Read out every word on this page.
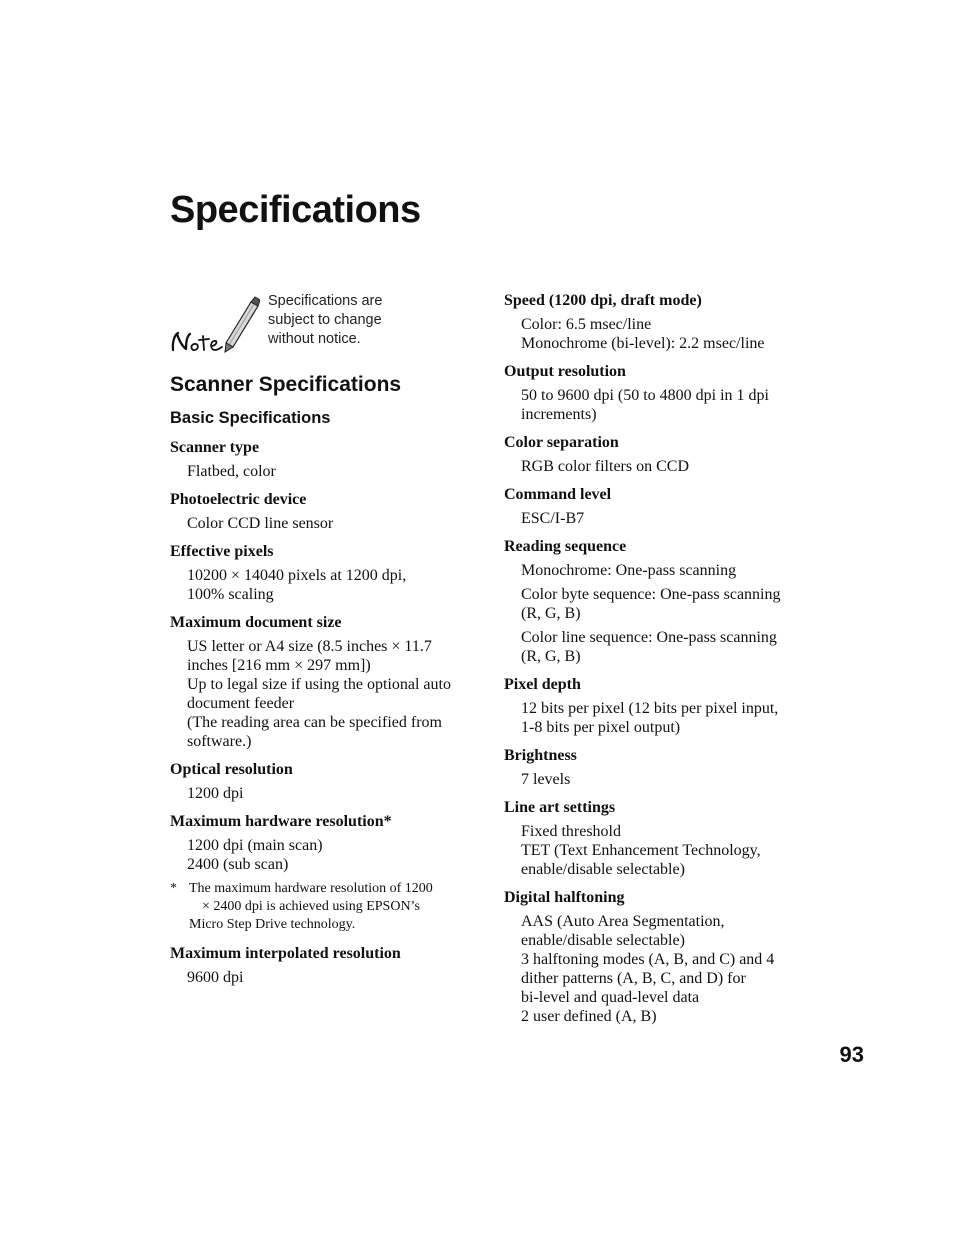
Specifications
Specifications are subject to change without notice.
Scanner Specifications
Basic Specifications
Scanner type
Flatbed, color
Photoelectric device
Color CCD line sensor
Effective pixels
10200 × 14040 pixels at 1200 dpi,
100% scaling
Maximum document size
US letter or A4 size (8.5 inches × 11.7
inches [216 mm × 297 mm])
Up to legal size if using the optional auto
document feeder
(The reading area can be specified from
software.)
Optical resolution
1200 dpi
Maximum hardware resolution*
1200 dpi (main scan)
2400 (sub scan)
* The maximum hardware resolution of 1200
× 2400 dpi is achieved using EPSON’s
Micro Step Drive technology.
Maximum interpolated resolution
9600 dpi
Speed (1200 dpi, draft mode)
Color: 6.5 msec/line
Monochrome (bi-level): 2.2 msec/line
Output resolution
50 to 9600 dpi (50 to 4800 dpi in 1 dpi
increments)
Color separation
RGB color filters on CCD
Command level
ESC/I-B7
Reading sequence
Monochrome: One-pass scanning
Color byte sequence: One-pass scanning
(R, G, B)
Color line sequence: One-pass scanning
(R, G, B)
Pixel depth
12 bits per pixel (12 bits per pixel input,
1-8 bits per pixel output)
Brightness
7 levels
Line art settings
Fixed threshold
TET (Text Enhancement Technology,
enable/disable selectable)
Digital halftoning
AAS (Auto Area Segmentation,
enable/disable selectable)
3 halftoning modes (A, B, and C) and 4
dither patterns (A, B, C, and D) for
bi-level and quad-level data
2 user defined (A, B)
93
